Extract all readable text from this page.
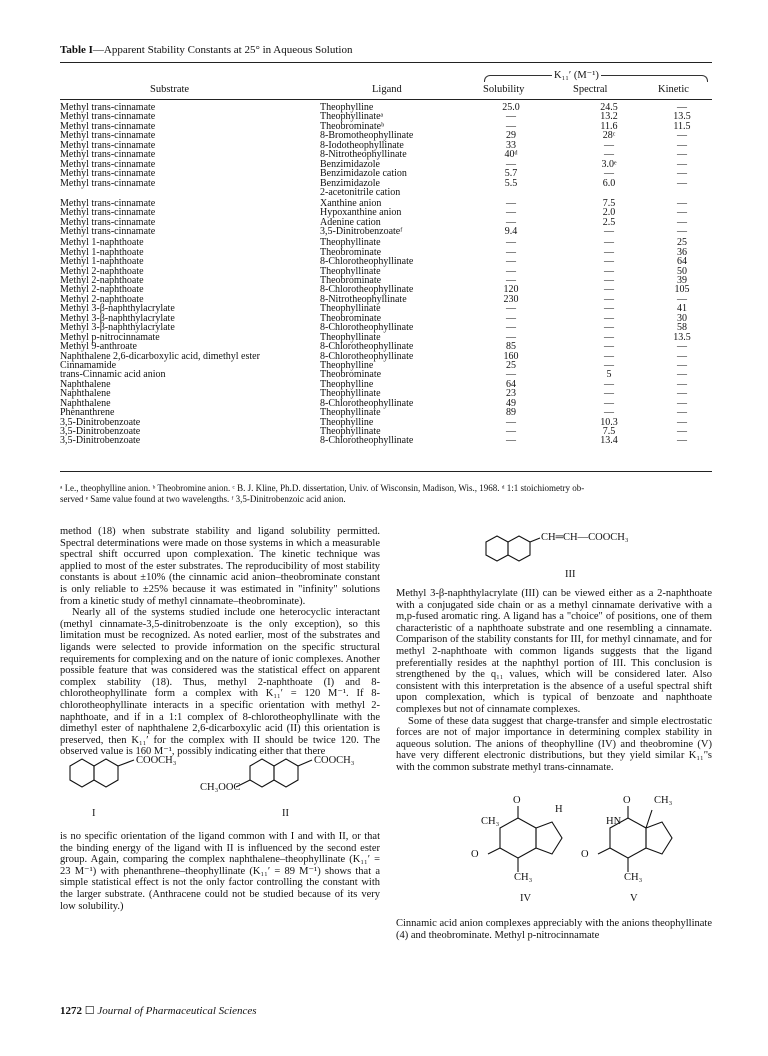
Table I—Apparent Stability Constants at 25° in Aqueous Solution
K₁₁′ (M⁻¹)
Substrate	Ligand	Solubility	Spectral	Kinetic
Methyl trans-cinnamate	Theophylline	25.0	24.5	—
Methyl trans-cinnamate	Theophyllinateᵃ	—	13.2	13.5
Methyl trans-cinnamate	Theobrominateᵇ	—	11.6	11.5
Methyl trans-cinnamate	8-Bromotheophyllinate	29	28ᶜ	—
Methyl trans-cinnamate	8-Iodotheophyllinate	33	—	—
Methyl trans-cinnamate	8-Nitrotheophyllinate	40ᵈ	—	—
Methyl trans-cinnamate	Benzimidazole	—	3.0ᵉ	—
Methyl trans-cinnamate	Benzimidazole cation	5.7	—	—
Methyl trans-cinnamate	Benzimidazole	5.5	6.0	—
2-acetonitrile cation
Methyl trans-cinnamate	Xanthine anion	—	7.5	—
Methyl trans-cinnamate	Hypoxanthine anion	—	2.0	—
Methyl trans-cinnamate	Adenine cation	—	2.5	—
Methyl trans-cinnamate	3,5-Dinitrobenzoateᶠ	9.4	—	—
Methyl 1-naphthoate	Theophyllinate	—	—	25
Methyl 1-naphthoate	Theobrominate	—	—	36
Methyl 1-naphthoate	8-Chlorotheophyllinate	—	—	64
Methyl 2-naphthoate	Theophyllinate	—	—	50
Methyl 2-naphthoate	Theobrominate	—	—	39
Methyl 2-naphthoate	8-Chlorotheophyllinate	120	—	105
Methyl 2-naphthoate	8-Nitrotheophyllinate	230	—	—
Methyl 3-β-naphthylacrylate	Theophyllinate	—	—	41
Methyl 3-β-naphthylacrylate	Theobrominate	—	—	30
Methyl 3-β-naphthylacrylate	8-Chlorotheophyllinate	—	—	58
Methyl p-nitrocinnamate	Theophyllinate	—	—	13.5
Methyl 9-anthroate	8-Chlorotheophyllinate	85	—	—
Naphthalene 2,6-dicarboxylic acid, dimethyl ester	8-Chlorotheophyllinate	160	—	—
Cinnamamide	Theophylline	25	—	—
trans-Cinnamic acid anion	Theobrominate	—	5	—
Naphthalene	Theophylline	64	—	—
Naphthalene	Theophyllinate	23	—	—
Naphthalene	8-Chlorotheophyllinate	49	—	—
Phenanthrene	Theophyllinate	89	—	—
3,5-Dinitrobenzoate	Theophylline	—	10.3	—
3,5-Dinitrobenzoate	Theophyllinate	—	7.5	—
3,5-Dinitrobenzoate	8-Chlorotheophyllinate	—	13.4	—
ᵃ I.e., theophylline anion. ᵇ Theobromine anion. ᶜ B. J. Kline, Ph.D. dissertation, Univ. of Wisconsin, Madison, Wis., 1968. ᵈ 1:1 stoichiometry ob-
served ᵉ Same value found at two wavelengths. ᶠ 3,5-Dinitrobenzoic acid anion.

method (18) when substrate stability and ligand solubility permitted. Spectral determinations were made on those systems in which a measurable spectral shift occurred upon complexation. The kinetic technique was applied to most of the ester substrates. The reproducibility of most stability constants is about ±10% (the cinnamic acid anion–theobrominate constant is only reliable to ±25% because it was estimated in "infinity" solutions from a kinetic study of methyl cinnamate–theobrominate).

Nearly all of the systems studied include one heterocyclic interactant (methyl cinnamate-3,5-dinitrobenzoate is the only exception), so this limitation must be recognized. As noted earlier, most of the substrates and ligands were selected to provide information on the specific structural requirements for complexing and on the nature of ionic complexes. Another possible feature that was considered was the statistical effect on apparent complex stability (18). Thus, methyl 2-naphthoate (I) and 8-chlorotheophyllinate form a complex with K₁₁′ = 120 M⁻¹. If 8-chlorotheophyllinate interacts in a specific orientation with methyl 2-naphthoate, and if in a 1:1 complex of 8-chlorotheophyllinate with the dimethyl ester of naphthalene 2,6-dicarboxylic acid (II) this orientation is preserved, then K₁₁′ for the complex with II should be twice 120. The observed value is 160 M⁻¹, possibly indicating either that there

COOCH₃	COOCH₃
CH₃OOC
I	II

is no specific orientation of the ligand common with I and with II, or that the binding energy of the ligand with II is influenced by the second ester group. Again, comparing the complex naphthalene–theophyllinate (K₁₁′ = 23 M⁻¹) with phenanthrene–theophyllinate (K₁₁′ = 89 M⁻¹) shows that a simple statistical effect is not the only factor controlling the constant with the larger substrate. (Anthracene could not be studied because of its very low solubility.)

CH═CH—COOCH₃
III

Methyl 3-β-naphthylacrylate (III) can be viewed either as a 2-naphthoate with a conjugated side chain or as a methyl cinnamate derivative with a m,p-fused aromatic ring. A ligand has a "choice" of positions, one of them characteristic of a naphthoate substrate and one resembling a cinnamate. Comparison of the stability constants for III, for methyl cinnamate, and for methyl 2-naphthoate with common ligands suggests that the ligand preferentially resides at the naphthyl portion of III. This conclusion is strengthened by the q₁₁ values, which will be considered later. Also consistent with this interpretation is the absence of a useful spectral shift upon complexation, which is typical of benzoate and naphthoate complexes but not of cinnamate complexes.

Some of these data suggest that charge-transfer and simple electrostatic forces are not of major importance in determining complex stability in aqueous solution. The anions of theophylline (IV) and theobromine (V) have very different electronic distributions, but they yield similar K₁₁′'s with the common substrate methyl trans-cinnamate.

O
H
CH₃
O
CH₃
IV
O CH₃
HN
O
CH₃
V

Cinnamic acid anion complexes appreciably with the anions theophyllinate (4) and theobrominate. Methyl p-nitrocinnamate

1272 ☐ Journal of Pharmaceutical Sciences
